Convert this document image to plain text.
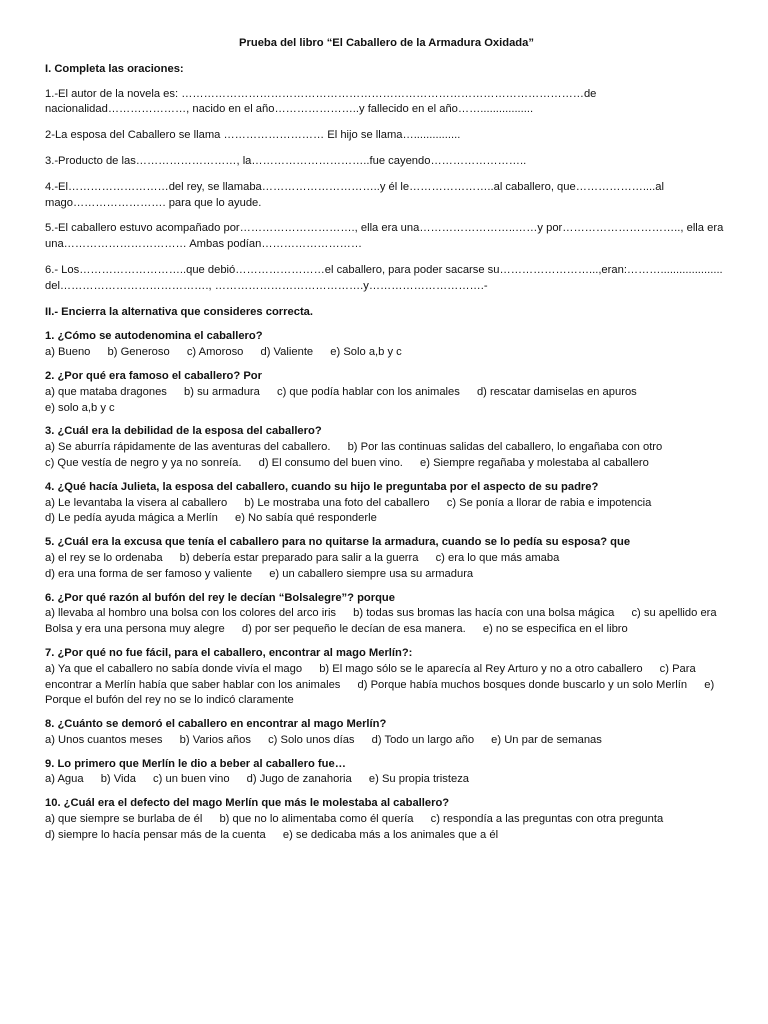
Prueba del libro “El Caballero de la Armadura Oxidada”
I. Completa las oraciones:
1.-El autor de la novela es: ………………………………………………………………………………………………de nacionalidad…………………, nacido en el año…………………..y fallecido en el año…….................
2-La esposa del Caballero se llama ……………………… El hijo se llama…...............
3.-Producto de las………………………, la…………………………..fue cayendo……………………..
4.-El………………………del rey, se llamaba…………………………..y él le…………………..al caballero, que………………....al mago……………………. para que lo ayude.
5.-El caballero estuvo acompañado por…………………………., ella era una……………………..……y por………………………….., ella era una…………………………… Ambas podían………………………
6.- Los………………………..que debió……………………el caballero, para poder sacarse su……………………...,eran:……….................... del…………………………………., ………………………………….y………………………….-
II.- Encierra la alternativa que consideres correcta.
1. ¿Cómo se autodenomina el caballero?
a) Bueno b) Generoso c) Amoroso d) Valiente e) Solo a,b y c
2. ¿Por qué era famoso el caballero? Por
a) que mataba dragones b) su armadura c) que podía hablar con los animales d) rescatar damiselas en apuros e) solo a,b y c
3. ¿Cuál era la debilidad de la esposa del caballero?
a) Se aburría rápidamente de las aventuras del caballero. b) Por las continuas salidas del caballero, lo engañaba con otro c) Que vestía de negro y ya no sonreía. d) El consumo del buen vino. e) Siempre regañaba y molestaba al caballero
4. ¿Qué hacía Julieta, la esposa del caballero, cuando su hijo le preguntaba por el aspecto de su padre?
a) Le levantaba la visera al caballero b) Le mostraba una foto del caballero c) Se ponía a llorar de rabia e impotencia d) Le pedía ayuda mágica a Merlín e) No sabía qué responderle
5. ¿Cuál era la excusa que tenía el caballero para no quitarse la armadura, cuando se lo pedía su esposa? que
a) el rey se lo ordenaba b) debería estar preparado para salir a la guerra c) era lo que más amaba d) era una forma de ser famoso y valiente e) un caballero siempre usa su armadura
6. ¿Por qué razón al bufón del rey le decían “Bolsalegre”? porque
a) llevaba al hombro una bolsa con los colores del arco iris b) todas sus bromas las hacía con una bolsa mágica c) su apellido era Bolsa y era una persona muy alegre d) por ser pequeño le decían de esa manera. e) no se especifica en el libro
7. ¿Por qué no fue fácil, para el caballero, encontrar al mago Merlín?:
a) Ya que el caballero no sabía donde vivía el mago b) El mago sólo se le aparecía al Rey Arturo y no a otro caballero c) Para encontrar a Merlín había que saber hablar con los animales d) Porque había muchos bosques donde buscarlo y un solo Merlín e) Porque el bufón del rey no se lo indicó claramente
8. ¿Cuánto se demoró el caballero en encontrar al mago Merlín?
a) Unos cuantos meses b) Varios años c) Solo unos días d) Todo un largo año e) Un par de semanas
9. Lo primero que Merlín le dio a beber al caballero fue…
a) Agua b) Vida c) un buen vino d) Jugo de zanahoria e) Su propia tristeza
10. ¿Cuál era el defecto del mago Merlín que más le molestaba al caballero?
a) que siempre se burlaba de él b) que no lo alimentaba como él quería c) respondía a las preguntas con otra pregunta d) siempre lo hacía pensar más de la cuenta e) se dedicaba más a los animales que a él
